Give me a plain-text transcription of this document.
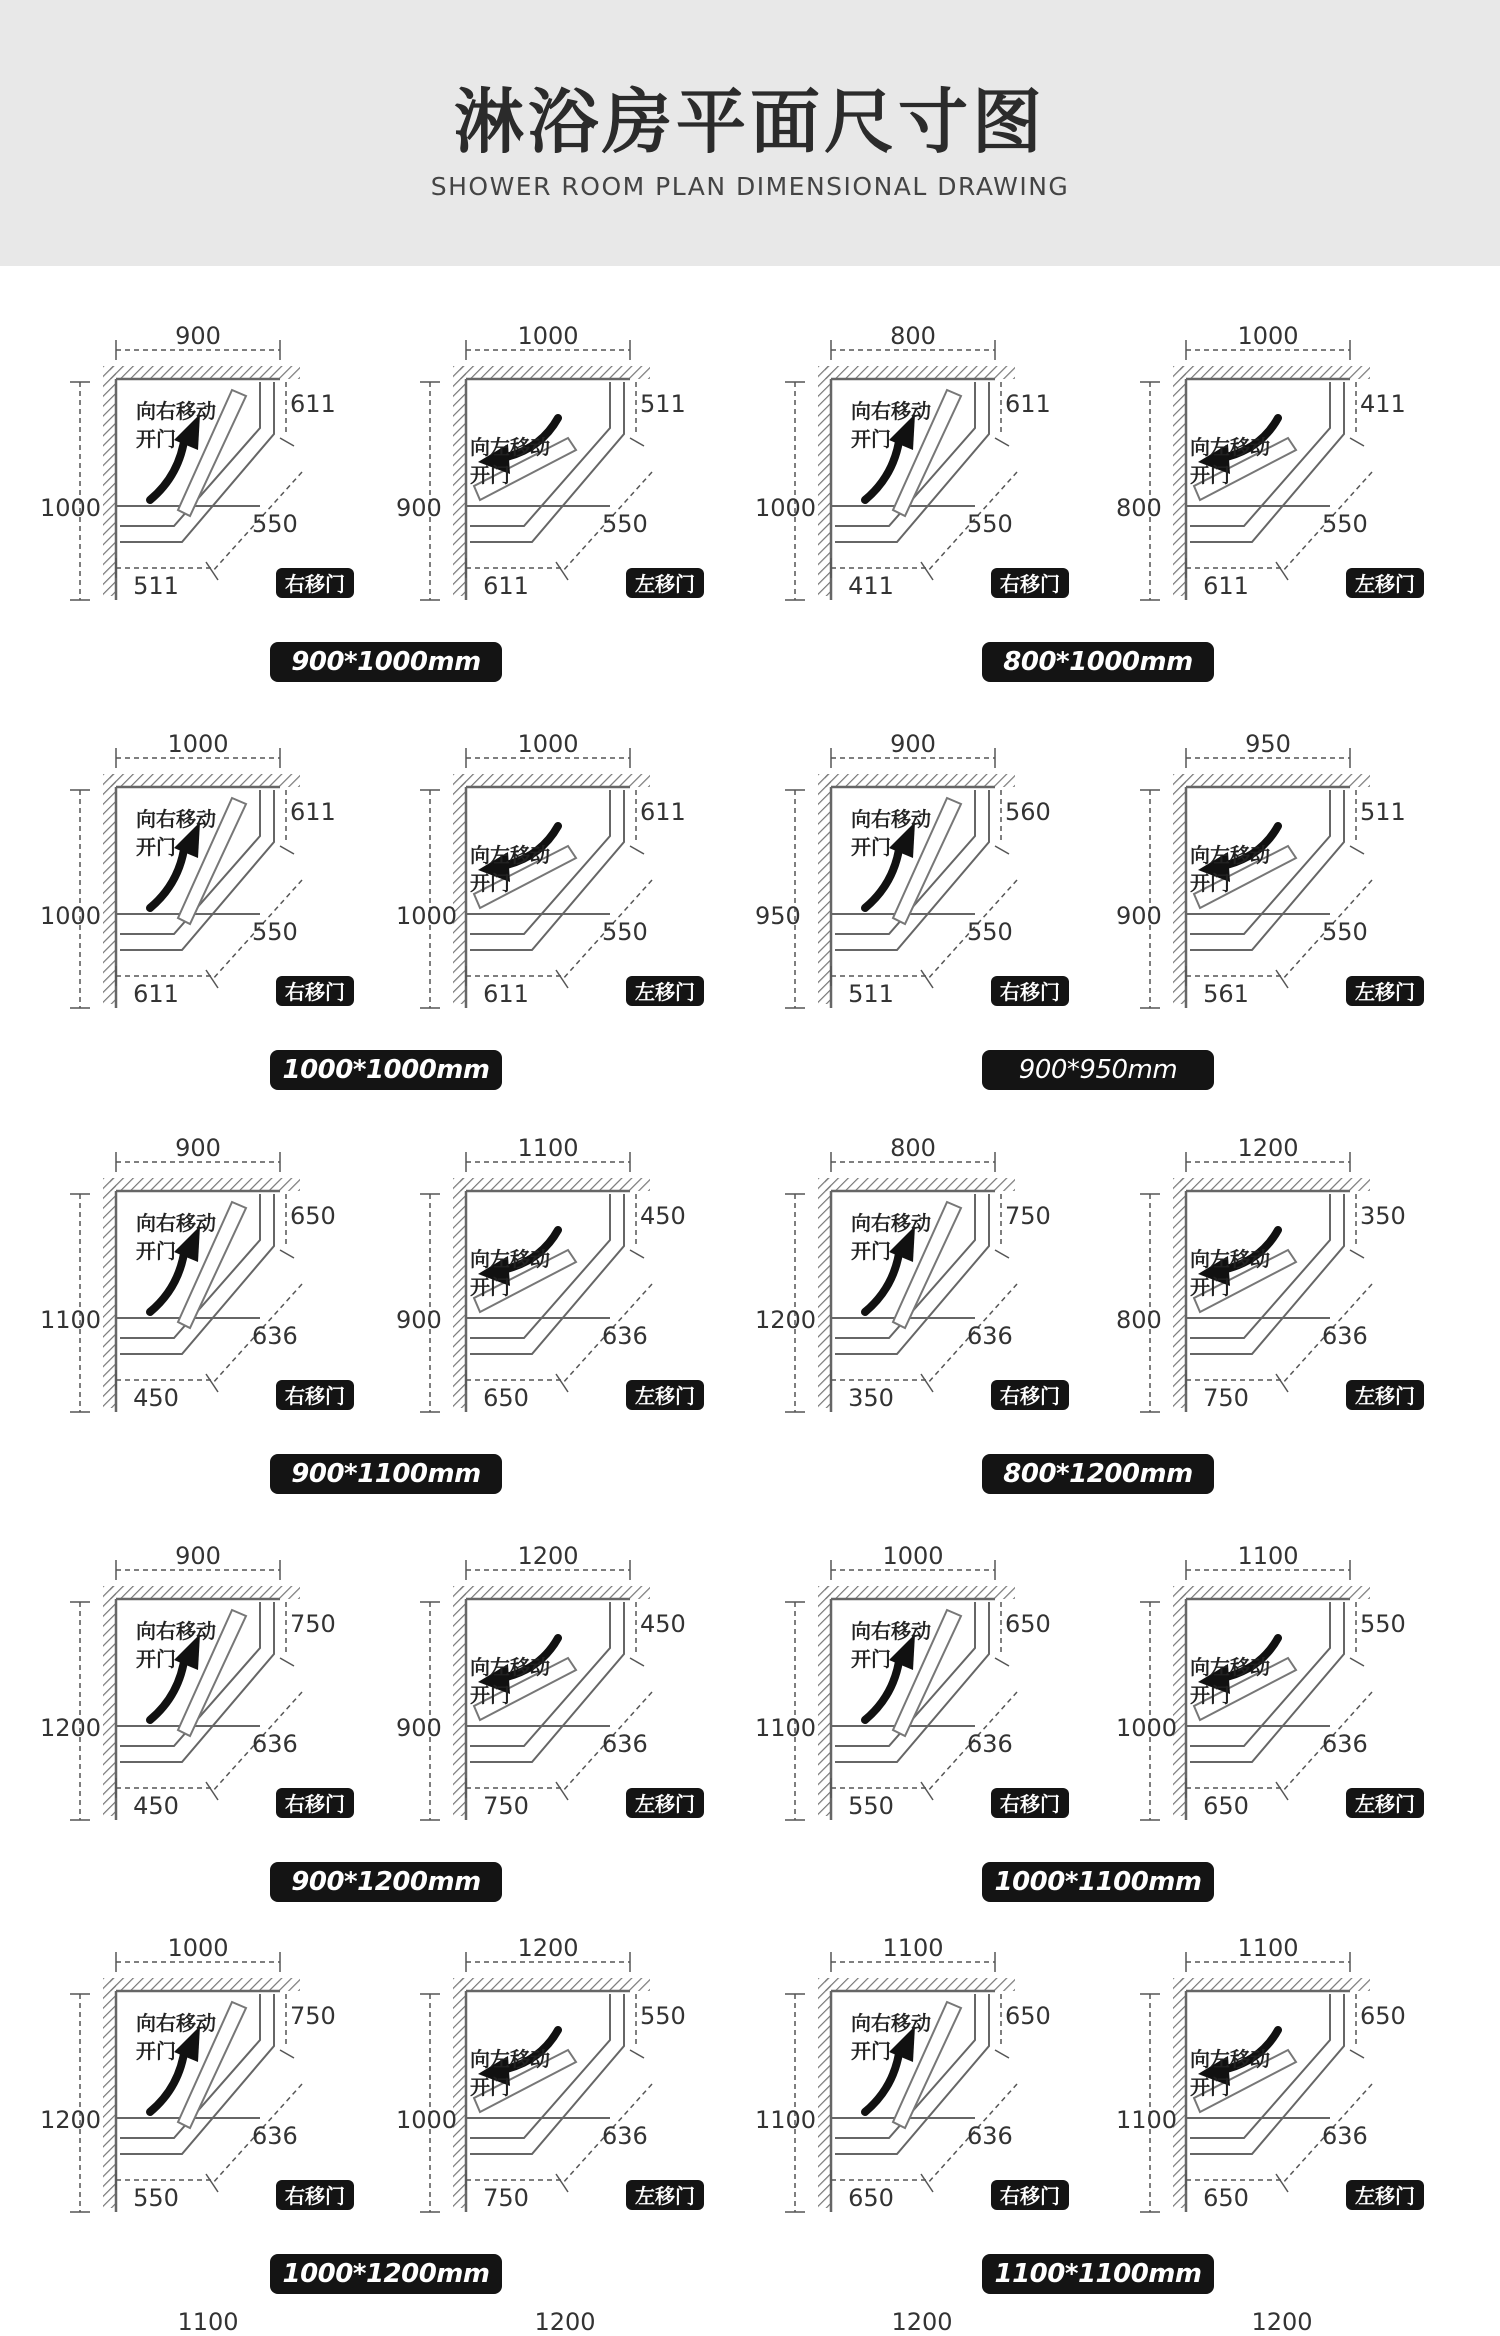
淋浴房平面尺寸图
SHOWER ROOM PLAN DIMENSIONAL DRAWING
向右移动
开门
900
1000
611
550
511	右移门
向左移动
开门
1000
900
511
550
611	左移门
向右移动
开门
800
1000
611
550
411	右移门
向左移动
开门
1000
800
411
550
611	左移门
900*1000mm	800*1000mm
向右移动
开门
1000
1000
611
550
611	右移门
向左移动
开门
1000
1000
611
550
611	左移门
向右移动
开门
900
950
560
550
511	右移门
向左移动
开门
950
900
511
550
561	左移门
1000*1000mm	900*950mm
向右移动
开门
900
1100
650
636
450	右移门
向左移动
开门
1100
900
450
636
650	左移门
向右移动
开门
800
1200
750
636
350	右移门
向左移动
开门
1200
800
350
636
750	左移门
900*1100mm	800*1200mm
向右移动
开门
900
1200
750
636
450	右移门
向左移动
开门
1200
900
450
636
750	左移门
向右移动
开门
1000
1100
650
636
550	右移门
向左移动
开门
1100
1000
550
636
650	左移门
900*1200mm	1000*1100mm
向右移动
开门
1000
1200
750
636
550	右移门
向左移动
开门
1200
1000
550
636
750	左移门
向右移动
开门
1100
1100
650
636
650	右移门
向左移动
开门
1100
1100
650
636
650	左移门
1000*1200mm	1100*1100mm
1100	1200	1200	1200
